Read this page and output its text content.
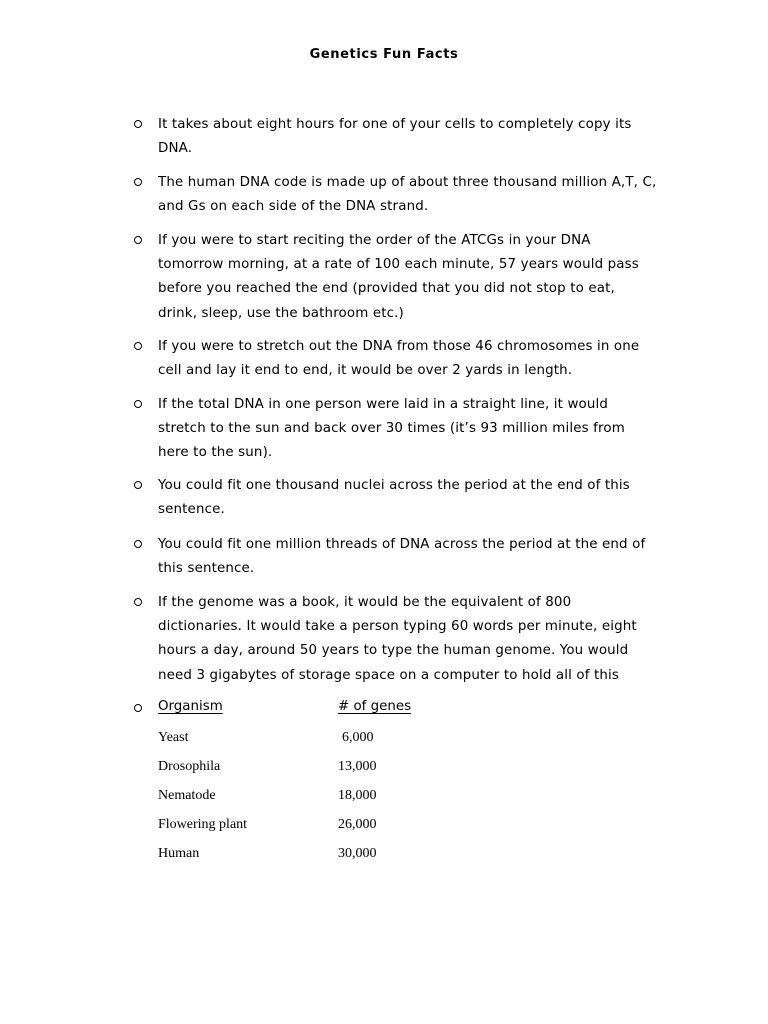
Genetics Fun Facts

It takes about eight hours for one of your cells to completely copy its DNA.

The human DNA code is made up of about three thousand million A,T, C, and Gs on each side of the DNA strand.

If you were to start reciting the order of the ATCGs in your DNA tomorrow morning, at a rate of 100 each minute, 57 years would pass before you reached the end (provided that you did not stop to eat, drink, sleep, use the bathroom etc.)

If you were to stretch out the DNA from those 46 chromosomes in one cell and lay it end to end, it would be over 2 yards in length.

If the total DNA in one person were laid in a straight line, it would stretch to the sun and back over 30 times (it’s 93 million miles from here to the sun).

You could fit one thousand nuclei across the period at the end of this sentence.

You could fit one million threads of DNA across the period at the end of this sentence.

If the genome was a book, it would be the equivalent of 800 dictionaries. It would take a person typing 60 words per minute, eight hours a day, around 50 years to type the human genome. You would need 3 gigabytes of storage space on a computer to hold all of this

Organism	# of genes
Yeast	6,000
Drosophila	13,000
Nematode	18,000
Flowering plant	26,000
Human	30,000
